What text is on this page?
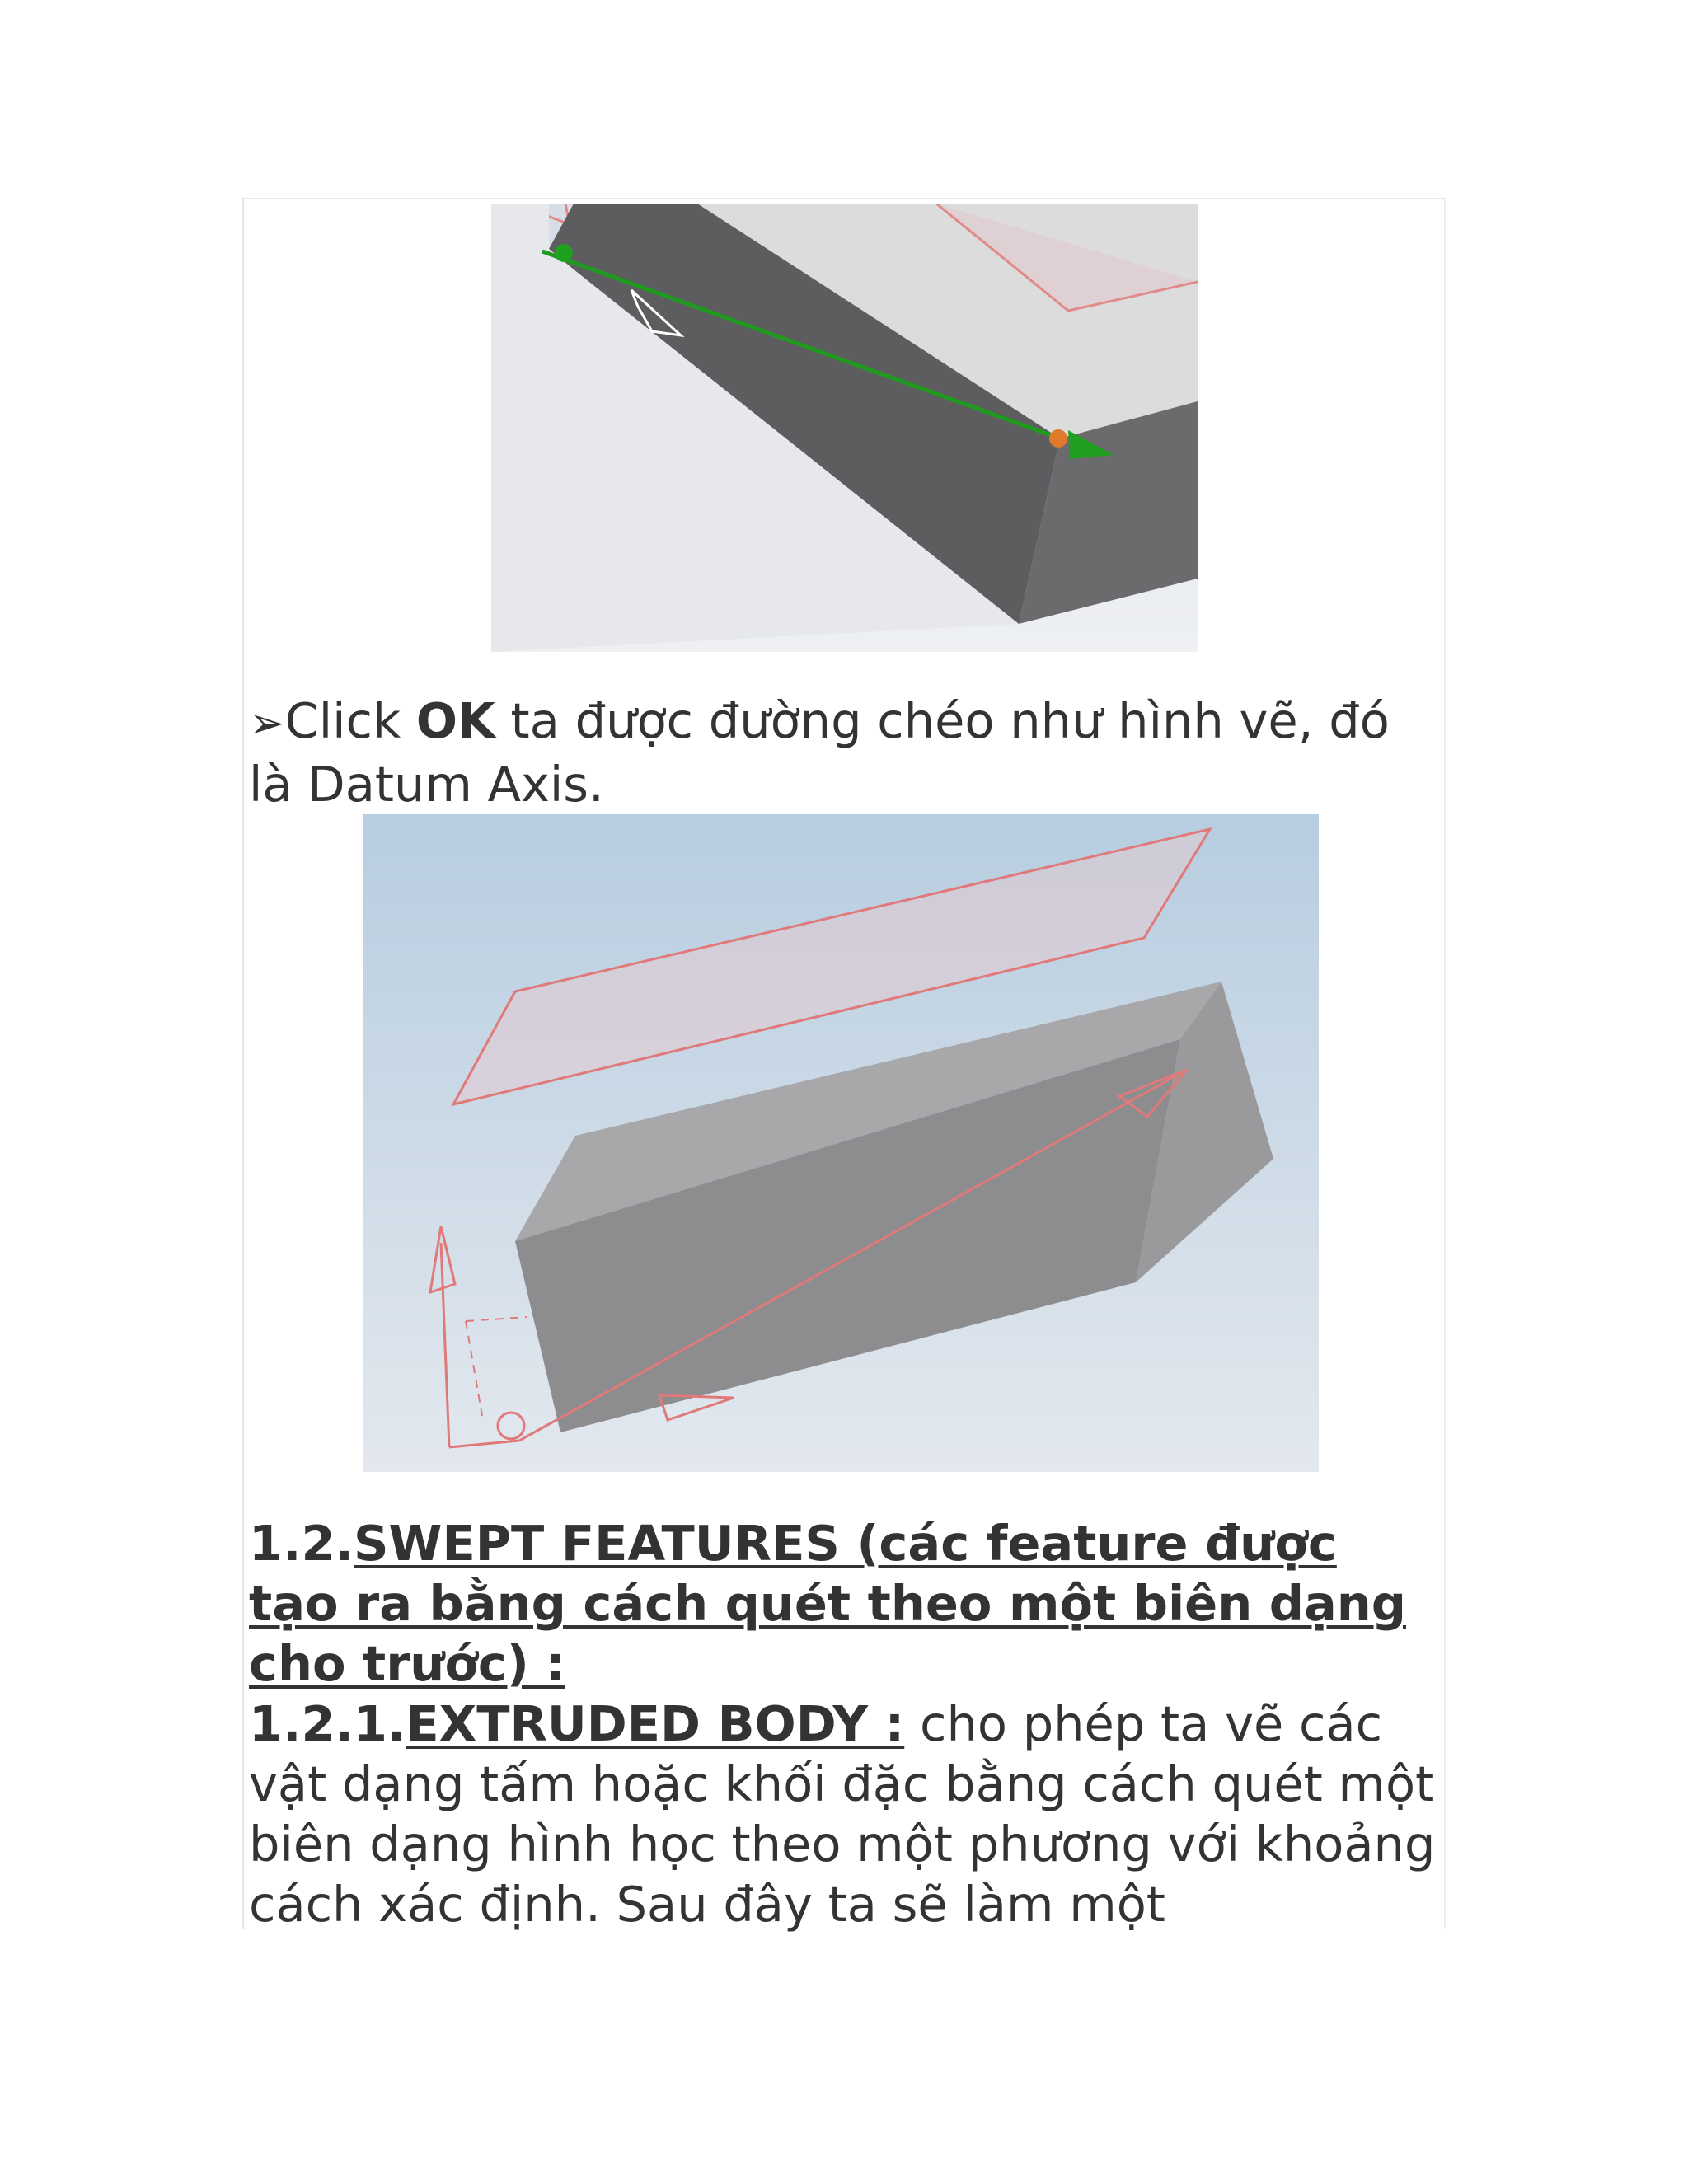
➢Click OK ta được đường chéo như hình vẽ, đó là Datum Axis.

1.2.SWEPT FEATURES (các feature được tạo ra bằng cách quét theo một biên dạng cho trước) :

1.2.1.EXTRUDED BODY : cho phép ta vẽ các vật dạng tấm hoặc khối đặc bằng cách quét một biên dạng hình học theo một phương với khoảng cách xác định. Sau đây ta sẽ làm một
